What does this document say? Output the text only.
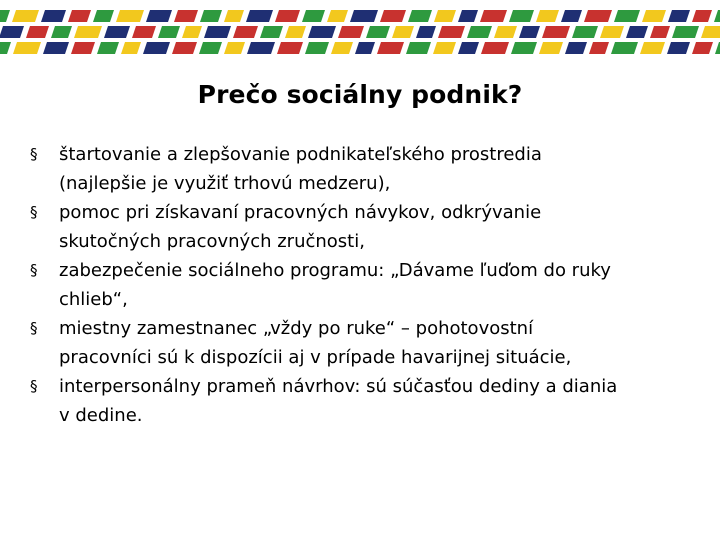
Prečo sociálny podnik?
§	štartovanie a zlepšovanie podnikateľského prostredia
(najlepšie je využiť trhovú medzeru),
§	pomoc pri získavaní pracovných návykov, odkrývanie
skutočných pracovných zručnosti,
§	zabezpečenie sociálneho programu: „Dávame ľuďom do ruky
chlieb“,
§	miestny zamestnanec „vždy po ruke“ – pohotovostní
pracovníci sú k dispozícii aj v prípade havarijnej situácie,
§	interpersonálny prameň návrhov: sú súčasťou dediny a diania
v dedine.
